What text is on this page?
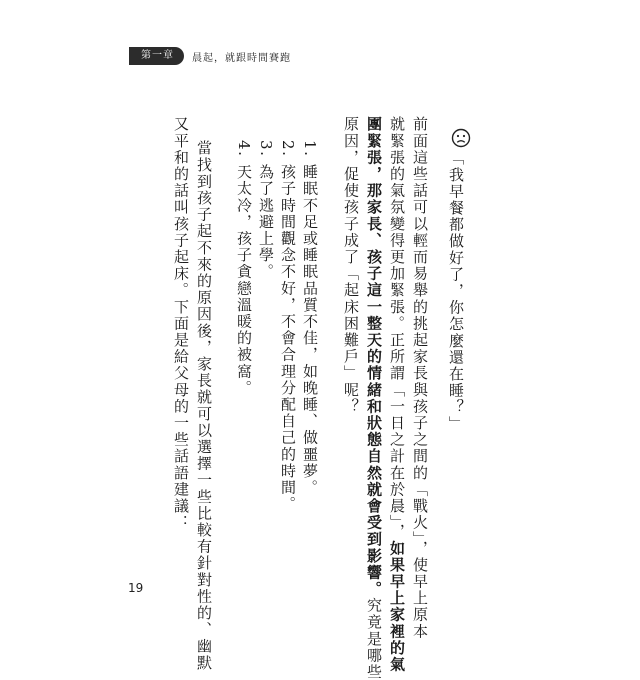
第一章	晨起，就跟時間賽跑
「我早餐都做好了，你怎麼還在睡？」
前面這些話可以輕而易舉的挑起家長與孩子之間的「戰火」，使早上原本
就緊張的氣氛變得更加緊張。正所謂「一日之計在於晨」，如果早上家裡的氣
團緊張，那家長、孩子這一整天的情緒和狀態自然就會受到影響。究竟是哪些
原因，促使孩子成了「起床困難戶」呢？
1. 睡眠不足或睡眠品質不佳，如晚睡、做噩夢。
2. 孩子時間觀念不好，不會合理分配自己的時間。
3. 為了逃避上學。
4. 天太冷，孩子貪戀溫暖的被窩。
當找到孩子起不來的原因後，家長就可以選擇一些比較有針對性的、幽默
又平和的話叫孩子起床。下面是給父母的一些話語建議：
19
